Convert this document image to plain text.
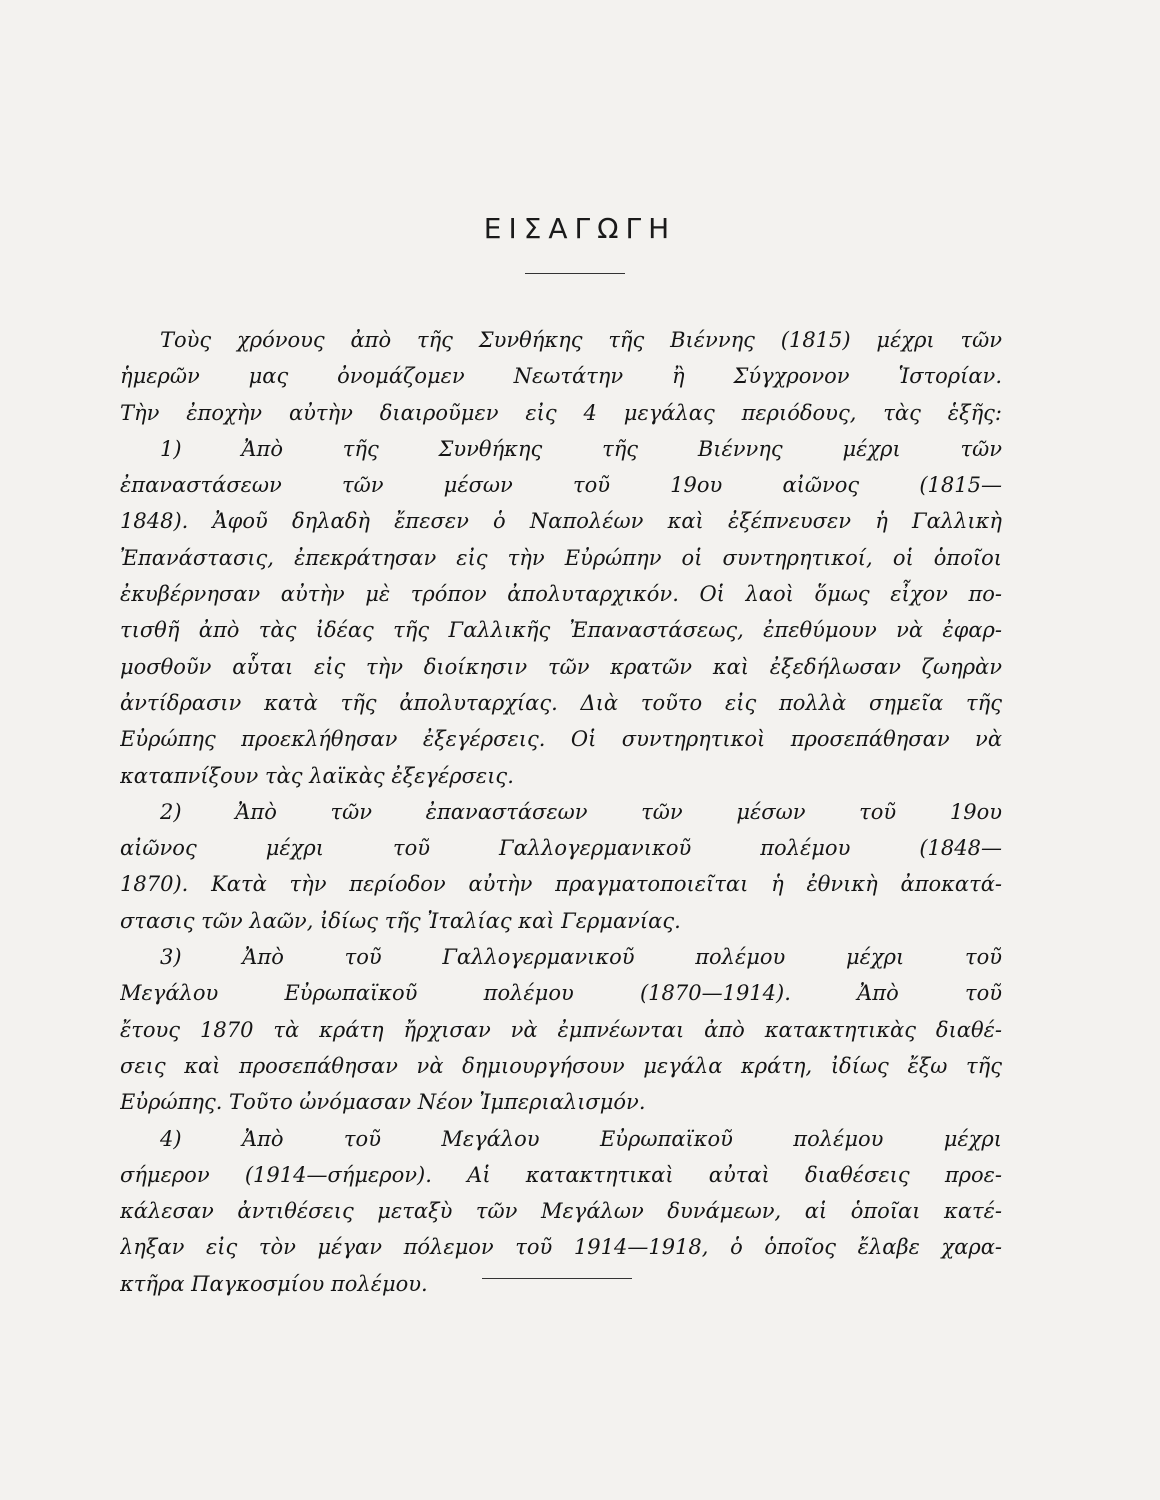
ΕΙΣΑΓΩΓΗ
Τοὺς χρόνους ἀπὸ τῆς Συνθήκης τῆς Βιέννης (1815) μέχρι τῶν
ἡμερῶν μας ὀνομάζομεν Νεωτάτην ἢ Σύγχρονον Ἱστορίαν.
Τὴν ἐποχὴν αὐτὴν διαιροῦμεν εἰς 4 μεγάλας περιόδους, τὰς ἑξῆς:
1) Ἀπὸ τῆς Συνθήκης τῆς Βιέννης μέχρι τῶν
ἐπαναστάσεων τῶν μέσων τοῦ 19ου αἰῶνος (1815—
1848). Ἀφοῦ δηλαδὴ ἔπεσεν ὁ Ναπολέων καὶ ἐξέπνευσεν ἡ Γαλλικὴ
Ἐπανάστασις, ἐπεκράτησαν εἰς τὴν Εὐρώπην οἱ συντηρητικοί, οἱ ὁποῖοι
ἐκυβέρνησαν αὐτὴν μὲ τρόπον ἀπολυταρχικόν. Οἱ λαοὶ ὅμως εἶχον πο-
τισθῆ ἀπὸ τὰς ἰδέας τῆς Γαλλικῆς Ἐπαναστάσεως, ἐπεθύμουν νὰ ἐφαρ-
μοσθοῦν αὗται εἰς τὴν διοίκησιν τῶν κρατῶν καὶ ἐξεδήλωσαν ζωηρὰν
ἀντίδρασιν κατὰ τῆς ἀπολυταρχίας. Διὰ τοῦτο εἰς πολλὰ σημεῖα τῆς
Εὐρώπης προεκλήθησαν ἐξεγέρσεις. Οἱ συντηρητικοὶ προσεπάθησαν νὰ
καταπνίξουν τὰς λαϊκὰς ἐξεγέρσεις.
2) Ἀπὸ τῶν ἐπαναστάσεων τῶν μέσων τοῦ 19ου
αἰῶνος μέχρι τοῦ Γαλλογερμανικοῦ πολέμου (1848—
1870). Κατὰ τὴν περίοδον αὐτὴν πραγματοποιεῖται ἡ ἐθνικὴ ἀποκατά-
στασις τῶν λαῶν, ἰδίως τῆς Ἰταλίας καὶ Γερμανίας.
3) Ἀπὸ τοῦ Γαλλογερμανικοῦ πολέμου μέχρι τοῦ
Μεγάλου Εὐρωπαϊκοῦ πολέμου (1870—1914). Ἀπὸ τοῦ
ἔτους 1870 τὰ κράτη ἤρχισαν νὰ ἐμπνέωνται ἀπὸ κατακτητικὰς διαθέ-
σεις καὶ προσεπάθησαν νὰ δημιουργήσουν μεγάλα κράτη, ἰδίως ἔξω τῆς
Εὐρώπης. Τοῦτο ὠνόμασαν Νέον Ἰμπεριαλισμόν.
4) Ἀπὸ τοῦ Μεγάλου Εὐρωπαϊκοῦ πολέμου μέχρι
σήμερον (1914—σήμερον). Αἱ κατακτητικαὶ αὐταὶ διαθέσεις προε-
κάλεσαν ἀντιθέσεις μεταξὺ τῶν Μεγάλων δυνάμεων, αἱ ὁποῖαι κατέ-
ληξαν εἰς τὸν μέγαν πόλεμον τοῦ 1914—1918, ὁ ὁποῖος ἔλαβε χαρα-
κτῆρα Παγκοσμίου πολέμου.
